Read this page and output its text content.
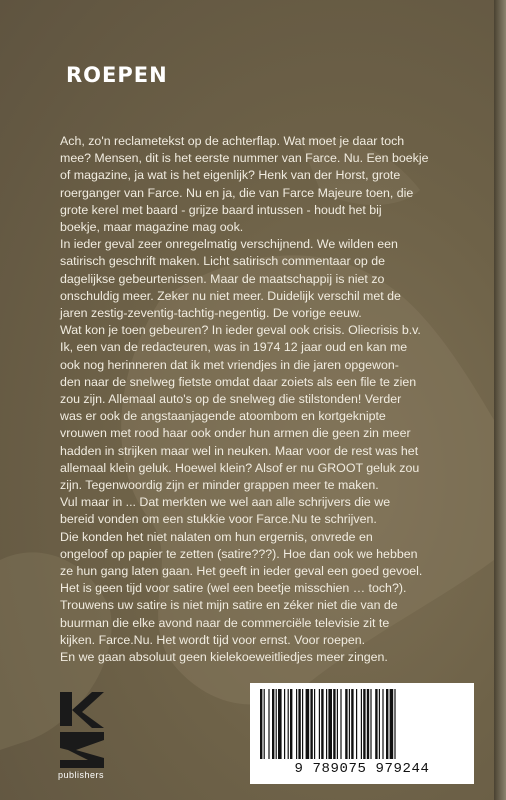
ROEPEN

Ach, zo'n reclametekst op de achterflap. Wat moet je daar toch

mee? Mensen, dit is het eerste nummer van Farce. Nu. Een boekje

of magazine, ja wat is het eigenlijk? Henk van der Horst, grote

roerganger van Farce. Nu en ja, die van Farce Majeure toen, die

grote kerel met baard - grijze baard intussen - houdt het bij

boekje, maar magazine mag ook.

In ieder geval zeer onregelmatig verschijnend. We wilden een

satirisch geschrift maken. Licht satirisch commentaar op de

dagelijkse gebeurtenissen. Maar de maatschappij is niet zo

onschuldig meer. Zeker nu niet meer. Duidelijk verschil met de

jaren zestig-zeventig-tachtig-negentig. De vorige eeuw.

Wat kon je toen gebeuren? In ieder geval ook crisis. Oliecrisis b.v.

Ik, een van de redacteuren, was in 1974 12 jaar oud en kan me

ook nog herinneren dat ik met vriendjes in die jaren opgewon-

den naar de snelweg fietste omdat daar zoiets als een file te zien

zou zijn. Allemaal auto's op de snelweg die stilstonden! Verder

was er ook de angstaanjagende atoombom en kortgeknipte

vrouwen met rood haar ook onder hun armen die geen zin meer

hadden in strijken maar wel in neuken. Maar voor de rest was het

allemaal klein geluk. Hoewel klein? Alsof er nu GROOT geluk zou

zijn. Tegenwoordig zijn er minder grappen meer te maken.

Vul maar in ... Dat merkten we wel aan alle schrijvers die we

bereid vonden om een stukkie voor Farce.Nu te schrijven.

Die konden het niet nalaten om hun ergernis, onvrede en

ongeloof op papier te zetten (satire???). Hoe dan ook we hebben

ze hun gang laten gaan. Het geeft in ieder geval een goed gevoel.

Het is geen tijd voor satire (wel een beetje misschien … toch?).

Trouwens uw satire is niet mijn satire en zéker niet die van de

buurman die elke avond naar de commerciële televisie zit te

kijken. Farce.Nu. Het wordt tijd voor ernst. Voor roepen.

En we gaan absoluut geen kielekoeweitliedjes meer zingen.

publishers	9 789075 979244
